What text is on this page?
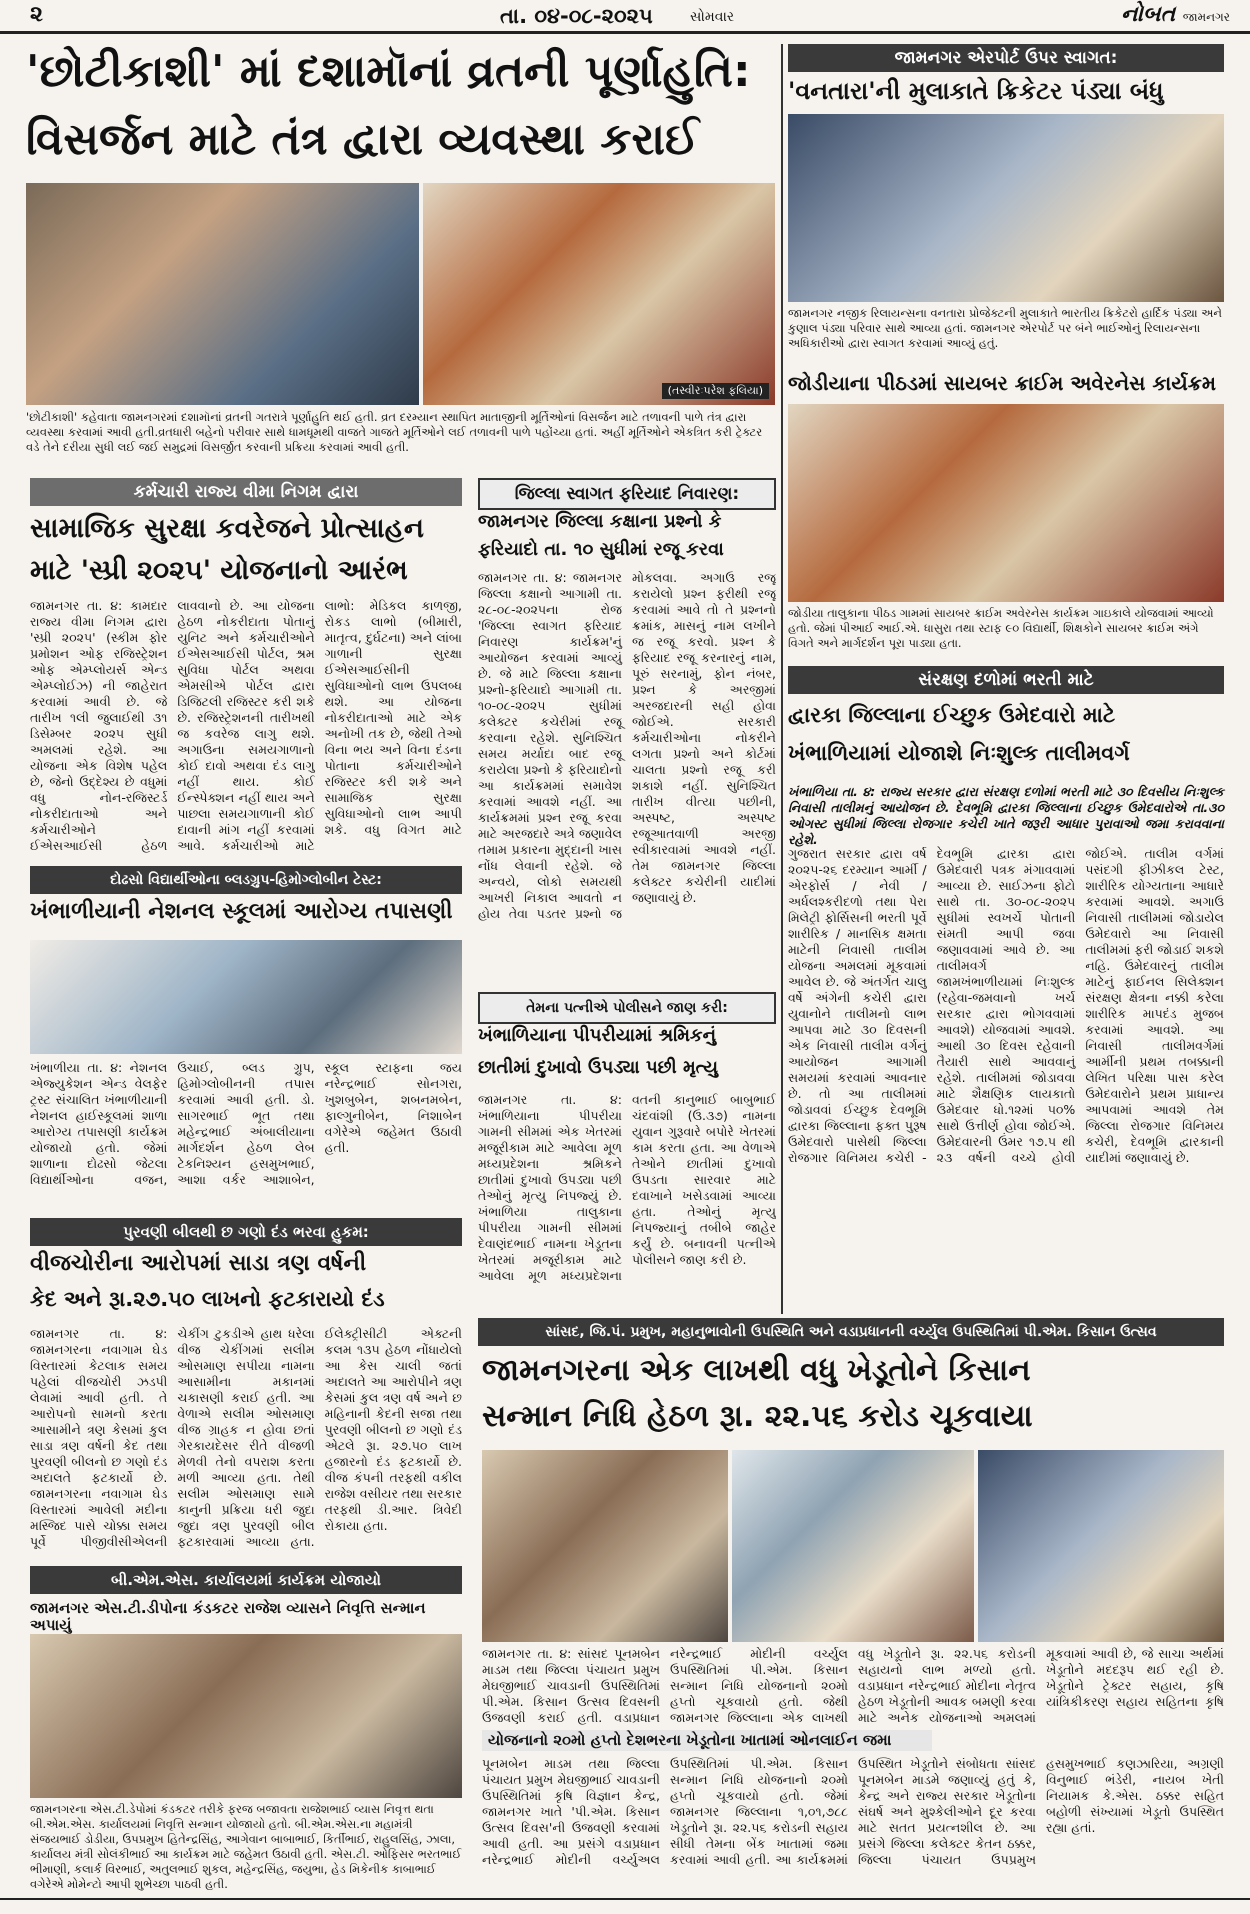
૨	તા. ૦૪-૦૮-૨૦૨૫	સોમવાર	નોબત જામનગર
'છોટીકાશી' માં દશામૉનાં વ્રતની પૂર્ણાહુતિ:
વિસર્જન માટે તંત્ર દ્વારા વ્યવસ્થા કરાઈ
(તસ્વીરઃપરેશ ફલિયા)
'છોટીકાશી' કહેવાતા જામનગરમાં દશામૉનાં વ્રતની ગતરાત્રે પૂર્ણાહુતિ થઈ હતી. વ્રત દરમ્યાન સ્થાપિત માતાજીની મૂર્તિઓનાં વિસર્જન માટે તળાવની પાળે તંત્ર દ્વારા વ્યવસ્થા કરવામાં આવી હતી.વ્રતધારી બહેનો પરીવાર સાથે ધામધૂમથી વાજતે ગાજતે મૂર્તિઓને લઈ તળાવની પાળે પહોંચ્યા હતાં. અહીં મૂર્તિઓને એકત્રિત કરી ટ્રેક્ટર વડે તેને દરીયા સુધી લઈ જઈ સમુદ્રમાં વિસર્જીત કરવાની પ્રક્રિયા કરવામાં આવી હતી.
જામનગર એરપોર્ટ ઉપર સ્વાગત:
'વનતારા'ની મુલાકાતે ક્રિકેટર પંડ્યા બંધુ
જામનગર નજીક રિલાયન્સના વનતારા પ્રોજેક્ટની મુલાકાતે ભારતીય ક્રિકેટરો હાર્દિક પંડ્યા અને કુણાલ પંડ્યા પરિવાર સાથે આવ્યા હતાં. જામનગર એરપોર્ટ પર બંને ભાઈઓનું રિલાયન્સના અધિકારીઓ દ્વારા સ્વાગત કરવામાં આવ્યું હતું.
જોડીયાના પીઠડમાં સાયબર ક્રાઈમ અવેરનેસ કાર્યક્રમ
જોડીયા તાલુકાના પીઠડ ગામમાં સાયબર ક્રાઈમ અવેરનેસ કાર્યક્રમ ગાઇકાલે યોજવામાં આવ્યો હતો. જેમાં પીઆઈ આઈ.એ. ધાસુરા તથા સ્ટાફ ૯૦ વિદ્યાર્થી, શિક્ષકોને સાયબર ક્રાઈમ અંગે વિગતે અને માર્ગદર્શન પૂરા પાડ્યા હતા.
કર્મચારી રાજ્ય વીમા નિગમ દ્વારા
સામાજિક સુરક્ષા કવરેજને પ્રોત્સાહન
માટે 'સ્પ્રી ૨૦૨૫' યોજનાનો આરંભ
જામનગર તા. ૪: કામદાર રાજ્ય વીમા નિગમ દ્વારા 'સ્પ્રી ૨૦૨૫' (સ્કીમ ફોર પ્રમોશન ઓફ રજિસ્ટ્રેશન ઓફ એમ્પ્લોયર્સ એન્ડ એમ્પ્લોઈઝ) ની જાહેરાત કરવામાં આવી છે. જે તારીખ ૧લી જુલાઈથી ૩૧ ડિસેમ્બર ૨૦૨૫ સુધી અમલમાં રહેશે. આ યોજના એક વિશેષ પહેલ છે, જેનો ઉદ્દેશ્ય છે વધુમાં વધુ નોન-રજિસ્ટર્ડ નોકરીદાતાઓ અને કર્મચારીઓને ઈએસઆઈસી હેઠળ લાવવાનો છે. આ યોજના હેઠળ નોકરીદાતા પોતાનું યુનિટ અને કર્મચારીઓને ઈએસઆઈસી પોર્ટલ, શ્રમ સુવિધા પોર્ટલ અથવા એમસીએ પોર્ટલ દ્વારા ડિજિટલી રજિસ્ટર કરી શકે છે. રજિસ્ટ્રેશનની તારીખથી જ કવરેજ લાગુ થશે. અગાઉના સમયગાળાનો કોઈ દાવો અથવા દંડ લાગુ નહીં થાય. કોઈ ઈન્સ્પેક્શન નહીં થાય અને પાછલા સમયગાળાની કોઈ દાવાની માંગ નહીં કરવામાં આવે. કર્મચારીઓ માટે લાભો: મેડિકલ કાળજી, રોકડ લાભો (બીમારી, માતૃત્વ, દુર્ઘટના) અને લાંબા ગાળાની સુરક્ષા ઈએસઆઈસીની સુવિધાઓનો લાભ ઉપલબ્ધ થશે. આ યોજના નોકરીદાતાઓ માટે એક અનોખી તક છે, જેથી તેઓ વિના ભય અને વિના દંડના પોતાના કર્મચારીઓને રજિસ્ટર કરી શકે અને સામાજિક સુરક્ષા સુવિધાઓનો લાભ આપી શકે. વધુ વિગત માટે
જિલ્લા સ્વાગત ફરિયાદ નિવારણ:
જામનગર જિલ્લા કક્ષાના પ્રશ્નો કે
ફરિયાદો તા. ૧૦ સુધીમાં રજૂ કરવા
જામનગર તા. ૪: જામનગર જિલ્લા કક્ષાનો આગામી તા. ૨૮-૦૮-૨૦૨૫ના રોજ 'જિલ્લા સ્વાગત ફરિયાદ નિવારણ કાર્યક્રમ'નું આયોજન કરવામાં આવ્યું છે. જે માટે જિલ્લા કક્ષાના પ્રશ્નો-ફરિયાદો આગામી તા. ૧૦-૦૮-૨૦૨૫ સુધીમાં કલેક્ટર કચેરીમાં રજૂ કરવાના રહેશે. સુનિશ્ચિત સમય મર્યાદા બાદ રજૂ કરાયેલા પ્રશ્નો કે ફરિયાદોનો આ કાર્યક્રમમાં સમાવેશ કરવામાં આવશે નહીં. આ કાર્યક્રમમાં પ્રશ્ન રજૂ કરવા માટે અરજદારે અત્રે જણાવેલ તમામ પ્રકારના મુદ્દાની ખાસ નોંધ લેવાની રહેશે. જે અન્વયે, લોકો સમયથી આખરી નિકાલ આવતો ન હોય તેવા પડતર પ્રશ્નો જ મોકલવા. અગાઉ રજૂ કરાયેલો પ્રશ્ન ફરીથી રજૂ કરવામાં આવે તો તે પ્રશ્નનો ક્રમાંક, માસનું નામ લખીને જ રજૂ કરવો. પ્રશ્ન કે ફરિયાદ રજૂ કરનારનું નામ, પૂરું સરનામું, ફોન નંબર, પ્રશ્ન કે અરજીમાં અરજદારની સહી હોવા જોઈએ. સરકારી કર્મચારીઓના નોકરીને લગતા પ્રશ્નો અને કોર્ટમાં ચાલતા પ્રશ્નો રજૂ કરી શકાશે નહીં. સુનિશ્ચિત તારીખ વીત્યા પછીની, અસ્પષ્ટ, અસ્પષ્ટ રજૂઆતવાળી અરજી સ્વીકારવામાં આવશે નહીં. તેમ જામનગર જિલ્લા કલેક્ટર કચેરીની યાદીમાં જણાવાયું છે.
દોઢસો વિદ્યાર્થીઓના બ્લડગ્રુપ-હિમોગ્લોબીન ટેસ્ટ:
ખંભાળીયાની નેશનલ સ્કૂલમાં આરોગ્ય તપાસણી
ખંભાળીયા તા. ૪: નેશનલ એજ્યુકેશન એન્ડ વેલફેર ટ્રસ્ટ સંચાલિત ખંભાળીયાની નેશનલ હાઈસ્કૂલમાં શાળા આરોગ્ય તપાસણી કાર્યક્રમ યોજાયો હતો. જેમાં શાળાના દોઢસો જેટલા વિદ્યાર્થીઓના વજન, ઉંચાઈ, બ્લડ ગ્રુપ, હિમોગ્લોબીનની તપાસ કરવામાં આવી હતી. ડો. સાગરભાઈ ભૂત તથા મહેન્દ્રભાઈ અંબાલીયાના માર્ગદર્શન હેઠળ લેબ ટેકનિશ્યન હસમુખભાઈ, આશા વર્કર આશાબેન, સ્કૂલ સ્ટાફના જય નરેન્દ્રભાઈ સોનગરા, ખુશબુબેન, શબનમબેન, ફાલ્ગુનીબેન, નિશાબેન વગેરેએ જહેમત ઉઠાવી હતી.
તેમના પત્નીએ પોલીસને જાણ કરી:
ખંભાળિયાના પીપરીયામાં શ્રમિકનું
છાતીમાં દુખાવો ઉપડ્યા પછી મૃત્યુ
જામનગર તા. ૪: ખંભાળિયાના પીપરીયા ગામની સીમમાં એક ખેતરમાં મજૂરીકામ માટે આવેલા મૂળ મધ્યપ્રદેશના શ્રમિકને છાતીમાં દુખાવો ઉપડ્યા પછી તેઓનું મૃત્યુ નિપજ્યું છે. ખંભાળિયા તાલુકાના પીપરીયા ગામની સીમમાં દેવાણંદભાઈ નામના ખેડૂતના ખેતરમાં મજૂરીકામ માટે આવેલા મૂળ મધ્યપ્રદેશના વતની કાનુભાઈ બાબુભાઈ ચંદવાંશી (ઉ.૩૭) નામના યુવાન ગુરૂવારે બપોરે ખેતરમાં કામ કરતા હતા. આ વેળાએ તેઓને છાતીમાં દુખાવો ઉપડતા સારવાર માટે દવાખાને ખસેડવામાં આવ્યા હતા. તેઓનું મૃત્યુ નિપજ્યાનું તબીબે જાહેર કર્યું છે. બનાવની પત્નીએ પોલીસને જાણ કરી છે.
સંરક્ષણ દળોમાં ભરતી માટે
દ્વારકા જિલ્લાના ઈચ્છુક ઉમેદવારો માટે
ખંભાળિયામાં યોજાશે નિઃશુલ્ક તાલીમવર્ગ
ખંભાળિયા તા. ૪: રાજ્ય સરકાર દ્વારા સંરક્ષણ દળોમાં ભરતી માટે ૩૦ દિવસીય નિઃશુલ્ક નિવાસી તાલીમનું આયોજન છે. દેવભૂમિ દ્વારકા જિલ્લાના ઈચ્છુક ઉમેદવારોએ તા.૩૦ ઓગસ્ટ સુધીમાં જિલ્લા રોજગાર કચેરી ખાતે જરૂરી આધાર પુરાવાઓ જમા કરાવવાના રહેશે.
ગુજરાત સરકાર દ્વારા વર્ષ ૨૦૨૫-૨૬ દરમ્યાન આર્મી / એરફોર્સ / નેવી / અર્ધલશ્કરીદળો તથા પેરા મિલેટ્રી ફોર્સિસની ભરતી પૂર્વે શારીરિક / માનસિક ક્ષમતા માટેની નિવાસી તાલીમ યોજના અમલમાં મૂકવામાં આવેલ છે. જે અંતર્ગત ચાલુ વર્ષે અંગેની કચેરી દ્વારા યુવાનોને તાલીમનો લાભ આપવા માટે ૩૦ દિવસની એક નિવાસી તાલીમ વર્ગનું આયોજન આગામી સમયમાં કરવામાં આવનાર છે. તો આ તાલીમમાં જોડાવવાં ઈચ્છુક દેવભૂમિ દ્વારકા જિલ્લાના ફક્ત પુરૂષ ઉમેદવારો પાસેથી જિલ્લા રોજગાર વિનિમય કચેરી - દેવભૂમિ દ્વારકા દ્વારા ઉમેદવારી પત્રક મંગાવવામાં આવ્યા છે. સાઈઝના ફોટો સાથે તા. ૩૦-૦૮-૨૦૨૫ સુધીમાં સ્વખર્ચે પોતાની સંમતી આપી જવા જણાવવામાં આવે છે. આ તાલીમવર્ગ જામખંભાળીયામાં નિઃશુલ્ક (રહેવા-જમવાનો ખર્ચ સરકાર દ્વારા ભોગવવામાં આવશે) યોજવામાં આવશે. આથી ૩૦ દિવસ રહેવાની તૈયારી સાથે આવવાનું રહેશે. તાલીમમાં જોડાવવા માટે શૈક્ષણિક લાયકાતો ઉમેદવાર ધો.૧૨માં ૫૦% સાથે ઉત્તીર્ણ હોવા જોઈએ. ઉમેદવારની ઉંમર ૧૭.૫ થી ૨૩ વર્ષની વચ્ચે હોવી જોઈએ. તાલીમ વર્ગમાં પસંદગી ફીઝીકલ ટેસ્ટ, શારીરિક યોગ્યતાના આધારે કરવામાં આવશે. અગાઉ નિવાસી તાલીમમાં જોડાયેલ ઉમેદવારો આ નિવાસી તાલીમમાં ફરી જોડાઈ શકશે નહિ. ઉમેદવારનું તાલીમ માટેનું ફાઈનલ સિલેક્શન સંરક્ષણ ક્ષેત્રના નક્કી કરેલા શારીરિક માપદંડ મુજબ કરવામાં આવશે. આ નિવાસી તાલીમવર્ગમાં આર્મીની પ્રથમ તબક્કાની લેખિત પરિક્ષા પાસ કરેલ ઉમેદવારોને પ્રથમ પ્રાધાન્ય આપવામાં આવશે તેમ જિલ્લા રોજગાર વિનિમય કચેરી, દેવભૂમિ દ્વારકાની યાદીમાં જણાવાયું છે.
પુરવણી બીલથી છ ગણો દંડ ભરવા હુકમ:
વીજચોરીના આરોપમાં સાડા ત્રણ વર્ષની
કેદ અને રૂા.૨૭.૫૦ લાખનો ફટકારાયો દંડ
જામનગર તા. ૪: જામનગરના નવાગામ ઘેડ વિસ્તારમાં કેટલાક સમય પહેલાં વીજચોરી ઝડપી લેવામાં આવી હતી. તે આરોપનો સામનો કરતા આસામીને ત્રણ કેસમાં કુલ સાડા ત્રણ વર્ષની કેદ તથા પુરવણી બીલનો છ ગણો દંડ અદાલતે ફટકાર્યો છે. જામનગરના નવાગામ ઘેડ વિસ્તારમાં આવેલી મદીના મસ્જિદ પાસે ચોક્કા સમય પૂર્વે પીજીવીસીએલની ચેકીંગ ટુકડીએ હાથ ધરેલા વીજ ચેકીંગમાં સલીમ ઓસમાણ સપીયા નામના આસામીના મકાનમાં ચકાસણી કરાઈ હતી. આ વેળાએ સલીમ ઓસમાણ વીજ ગ્રાહક ન હોવા છતાં ગેરકાયદેસર રીતે વીજળી મેળવી તેનો વપરાશ કરતા મળી આવ્યા હતા. તેથી સલીમ ઓસમાણ સામે કાનુની પ્રક્રિયા ધરી જુદા જુદા ત્રણ પુરવણી બીલ ફટકારવામાં આવ્યા હતા. ઈલેક્ટ્રીસીટી એક્ટની કલમ ૧૩૫ હેઠળ નોંધાયેલો આ કેસ ચાલી જતાં અદાલતે આ આરોપીને ત્રણ કેસમાં કુલ ત્રણ વર્ષ અને છ મહિનાની કેદની સજા તથા પુરવણી બીલનો છ ગણો દંડ એટલે રૂા. ૨૭.૫૦ લાખ હજારનો દંડ ફટકાર્યો છે. વીજ કંપની તરફથી વકીલ રાજેશ વસીયર તથા સરકાર તરફથી ડી.આર. ત્રિવેદી રોકાયા હતા.
સાંસદ, જિ.પં. પ્રમુખ, મહાનુભાવોની ઉપસ્થિતિ અને વડાપ્રધાનની વર્ચ્યુલ ઉપસ્થિતિમાં પી.એમ. કિસાન ઉત્સવ
જામનગરના એક લાખથી વધુ ખેડૂતોને કિસાન
સન્માન નિધિ હેઠળ રૂા. ૨૨.૫૬ કરોડ ચૂકવાયા
જામનગર તા. ૪: સાંસદ પૂનમબેન માડમ તથા જિલ્લા પંચાયત પ્રમુખ મેઘજીભાઈ ચાવડાની ઉપસ્થિતિમાં પી.એમ. કિસાન ઉત્સવ દિવસની ઉજવણી કરાઈ હતી. વડાપ્રધાન નરેન્દ્રભાઈ મોદીની વર્ચ્યુલ ઉપસ્થિતિમાં પી.એમ. કિસાન સન્માન નિધિ યોજનાનો ૨૦મો હપ્તો ચૂકવાયો હતો. જેથી જામનગર જિલ્લાના એક લાખથી વધુ ખેડૂતોને રૂા. ૨૨.૫૬ કરોડની સહાયનો લાભ મળ્યો હતો. વડાપ્રધાન નરેન્દ્રભાઈ મોદીના નેતૃત્વ હેઠળ ખેડૂતોની આવક બમણી કરવા માટે અનેક યોજનાઓ અમલમાં મૂકવામાં આવી છે, જે સાચા અર્થમાં ખેડૂતોને મદદરૂપ થઈ રહી છે. ખેડૂતોને ટ્રેક્ટર સહાય, કૃષિ યાંત્રિકીકરણ સહાય સહિતના કૃષિ
યોજનાનો ૨૦મો હપ્તો દેશભરના ખેડૂતોના ખાતામાં ઓનલાઈન જમા
પૂનમબેન માડમ તથા જિલ્લા પંચાયત પ્રમુખ મેઘજીભાઈ ચાવડાની ઉપસ્થિતિમાં કૃષિ વિજ્ઞાન કેન્દ્ર, જામનગર ખાતે 'પી.એમ. કિસાન ઉત્સવ દિવસ'ની ઉજવણી કરવામાં આવી હતી. આ પ્રસંગે વડાપ્રધાન નરેન્દ્રભાઈ મોદીની વર્ચ્યુઅલ ઉપસ્થિતિમાં પી.એમ. કિસાન સન્માન નિધિ યોજનાનો ૨૦મો હપ્તો ચૂકવાયો હતો. જેમાં જામનગર જિલ્લાના ૧,૦૧,૭૮૮ ખેડૂતોને રૂા. ૨૨.૫૬ કરોડની સહાય સીધી તેમના બેંક ખાતામાં જમા કરવામાં આવી હતી. આ કાર્યક્રમમાં ઉપસ્થિત ખેડૂતોને સંબોધતા સાંસદ પૂનમબેન માડમે જણાવ્યું હતું કે, કેન્દ્ર અને રાજ્ય સરકાર ખેડૂતોના સંઘર્ષ અને મુશ્કેલીઓને દૂર કરવા માટે સતત પ્રયત્નશીલ છે. આ પ્રસંગે જિલ્લા કલેક્ટર કેતન ઠક્કર, જિલ્લા પંચાયત ઉપપ્રમુખ હસમુખભાઈ કણઝારિયા, અગ્રણી વિનુભાઈ ભંડેરી, નાયબ ખેતી નિયામક કે.એસ. ઠક્કર સહિત બહોળી સંખ્યામાં ખેડૂતો ઉપસ્થિત રહ્યા હતાં.
બી.એમ.એસ. કાર્યાલયમાં કાર્યક્રમ યોજાયો
જામનગર એસ.ટી.ડીપોના કંડકટર રાજેશ વ્યાસને નિવૃત્તિ સન્માન અપાયું
જામનગરના એસ.ટી.ડેપોમાં કંડકટર તરીકે ફરજ બજાવતા રાજેશભાઈ વ્યાસ નિવૃત્ત થતા બી.એમ.એસ. કાર્યાલયમાં નિવૃત્તિ સન્માન યોજાયો હતો. બી.એમ.એસ.ના મહામંત્રી સંજયભાઈ ડોડીયા, ઉપપ્રમુખ હિતેન્દ્રસિંહ, આગેવાન બાબાભાઈ, કિર્તીભાઈ, રાહુલસિંહ, ઝાલા, કાર્યાલય મંત્રી સોલંકીભાઈ આ કાર્યક્રમ માટે જહેમત ઉઠાવી હતી. એસ.ટી. ઓફિસર ભરતભાઈ ભીમાણી, કલાર્ક વિરભાઈ, અતુલભાઈ શુકલ, મહેન્દ્રસિંહ, જયુભા, હેડ મિકેનીક કાબાભાઈ વગેરેએ મોમેન્ટો આપી શુભેચ્છા પાઠવી હતી.
